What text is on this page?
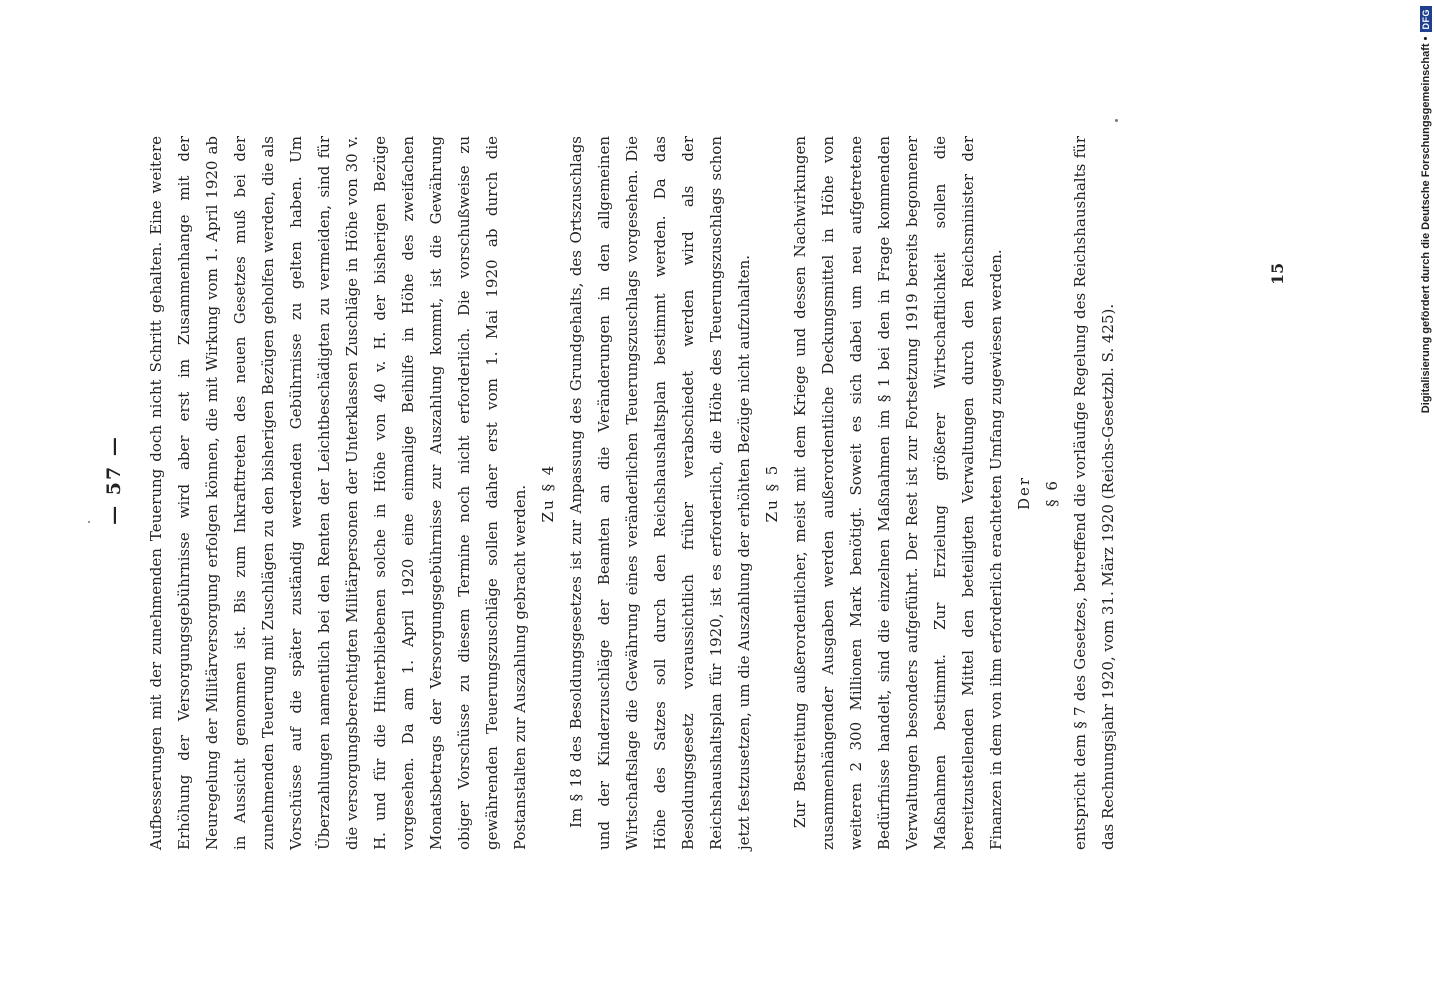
— 57 —	Aufbesserungen mit der zunehmenden Teuerung doch nicht Schritt gehalten. Eine weitere Erhöhung der Versorgungsgebührnisse wird aber erst im Zusammenhange mit der Neuregelung der Militärversorgung erfolgen können, die mit Wirkung vom 1. April 1920 ab in Aussicht genommen ist. Bis zum Inkrafttreten des neuen Gesetzes muß bei der zunehmenden Teuerung mit Zuschlägen zu den bisherigen Bezügen geholfen werden, die als Vorschüsse auf die später zuständig werdenden Gebührnisse zu gelten haben. Um Überzahlungen namentlich bei den Renten der Leichtbeschädigten zu vermeiden, sind für die versorgungsberechtigten Militärpersonen der Unterklassen Zuschläge in Höhe von 30 v. H. und für die Hinterbliebenen solche in Höhe von 40 v. H. der bisherigen Bezüge vorgesehen. Da am 1. April 1920 eine einmalige Beihilfe in Höhe des zweifachen Monatsbetrags der Versorgungsgebührnisse zur Auszahlung kommt, ist die Gewährung obiger Vorschüsse zu diesem Termine noch nicht erforderlich. Die vorschußweise zu gewährenden Teuerungszuschläge sollen daher erst vom 1. Mai 1920 ab durch die Postanstalten zur Auszahlung gebracht werden. Zu § 4 Im § 18 des Besoldungsgesetzes ist zur Anpassung des Grundgehalts, des Ortszuschlags und der Kinderzuschläge der Beamten an die Veränderungen in den allgemeinen Wirtschaftslage die Gewährung eines veränderlichen Teuerungszuschlags vorgesehen. Die Höhe des Satzes soll durch den Reichshaushaltsplan bestimmt werden. Da das Besoldungsgesetz voraussichtlich früher verabschiedet werden wird als der Reichshaushaltsplan für 1920, ist es erforderlich, die Höhe des Teuerungszuschlags schon jetzt festzusetzen, um die Auszahlung der erhöhten Bezüge nicht aufzuhalten. Zu § 5 Zur Bestreitung außerordentlicher, meist mit dem Kriege und dessen Nachwirkungen zusammenhängender Ausgaben werden außerordentliche Deckungsmittel in Höhe von weiteren 2 300 Millionen Mark benötigt. Soweit es sich dabei um neu aufgetretene Bedürfnisse handelt, sind die einzelnen Maßnahmen im § 1 bei den in Frage kommenden Verwaltungen besonders aufgeführt. Der Rest ist zur Fortsetzung 1919 bereits begonnener Maßnahmen bestimmt. Zur Erzielung größerer Wirtschaftlichkeit sollen die bereitzustellenden Mittel den beteiligten Verwaltungen durch den Reichsminister der Finanzen in dem von ihm erforderlich erachteten Umfang zugewiesen werden. Der § 6 entspricht dem § 7 des Gesetzes, betreffend die vorläufige Regelung des Reichshaushalts für das Rechnungsjahr 1920, vom 31. März 1920 (Reichs-Gesetzbl. S. 425).

15	Digitalisierung gefördert durch die Deutsche Forschungsgemeinschaft •
DFG
